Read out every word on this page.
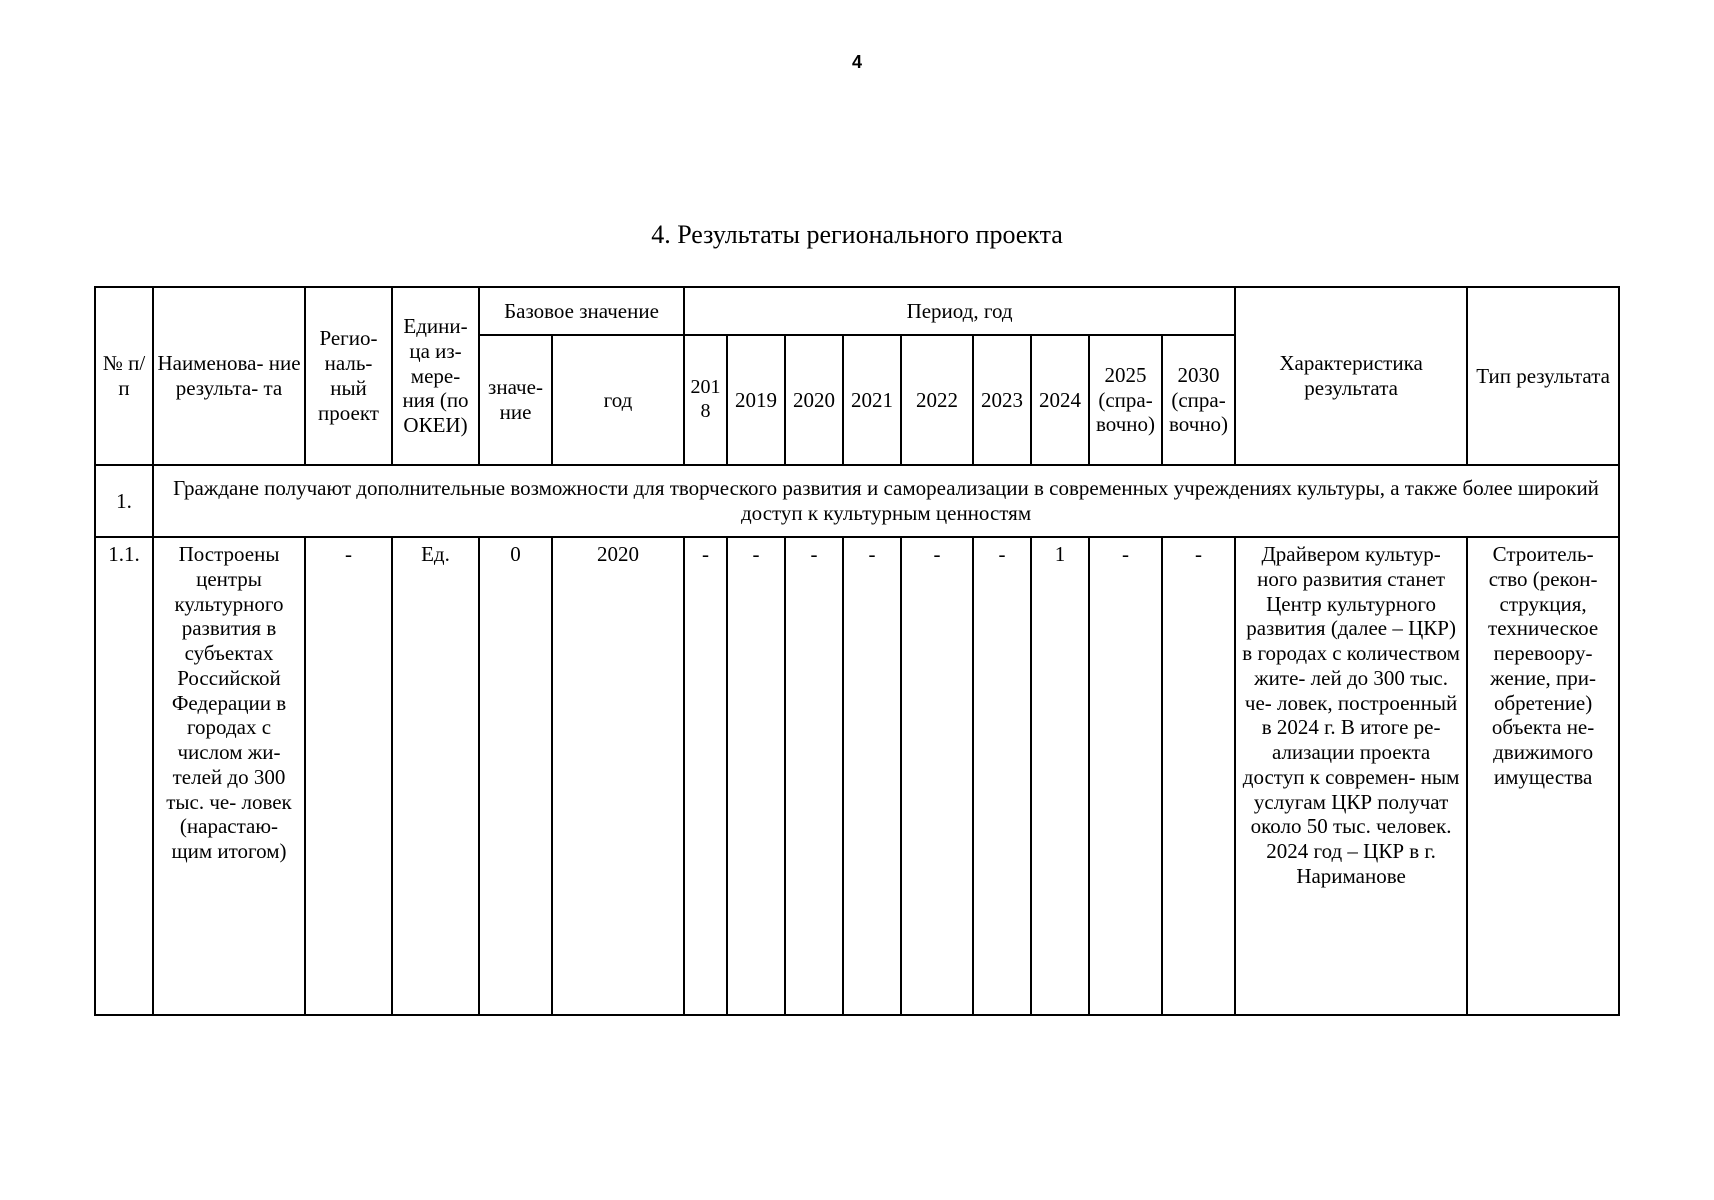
4
4. Результаты регионального проекта
№ п/п	Наименова- ние результа- та	Регио- наль- ный проект	Едини- ца из- мере- ния (по ОКЕИ)	Базовое значение		Период, год									Характеристика результата	Тип результата
				значе- ние	год	2018	2019	2020	2021	2022	2023	2024	2025 (спра- вочно)	2030 (спра- вочно)		
1.	Граждане получают дополнительные возможности для творческого развития и самореализации в современных учреждениях культуры, а также более широкий доступ к культурным ценностям															
1.1.	Построены центры культурного развития в субъектах Российской Федерации в городах с числом жи- телей до 300 тыс. че- ловек (нарастаю- щим итогом)	-	Ед.	0	2020	-	-	-	-	-	-	1	-	-	Драйвером культур- ного развития станет Центр культурного развития (далее – ЦКР) в городах с количеством жите- лей до 300 тыс. че- ловек, построенный в 2024 г. В итоге ре- ализации проекта доступ к современ- ным услугам ЦКР получат около 50 тыс. человек. 2024 год – ЦКР в г. Нариманове	Строитель- ство (рекон- струкция, техническое перевоору- жение, при- обретение) объекта не- движимого имущества
